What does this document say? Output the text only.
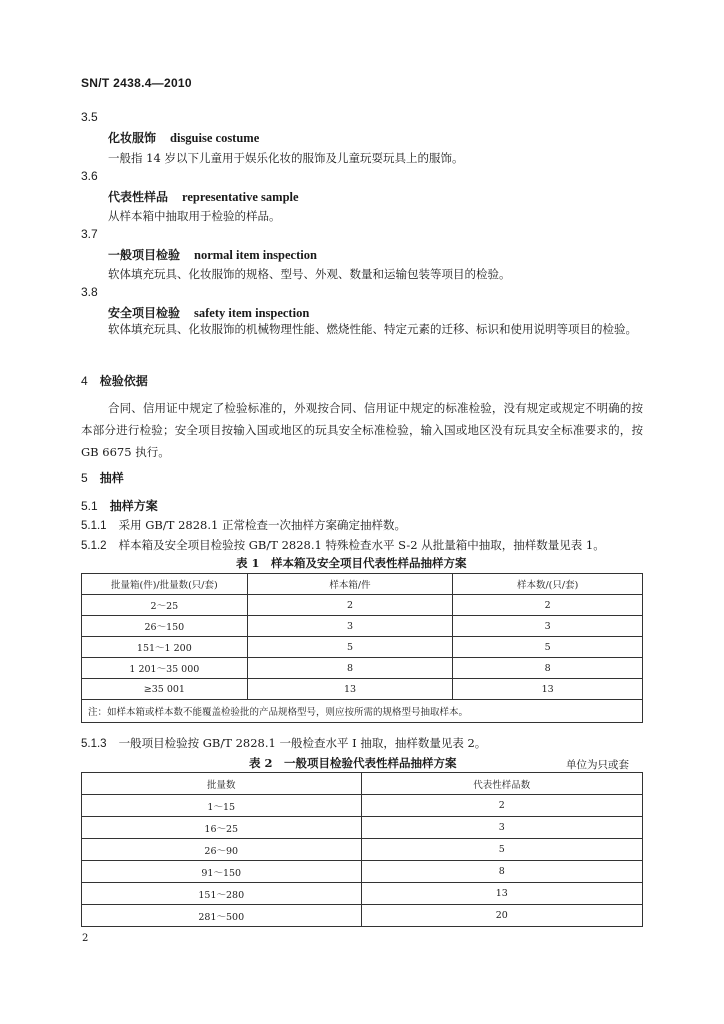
SN/T 2438.4—2010
3.5
化妆服饰 disguise costume
一般指 14 岁以下儿童用于娱乐化妆的服饰及儿童玩耍玩具上的服饰。
3.6
代表性样品 representative sample
从样本箱中抽取用于检验的样品。
3.7
一般项目检验 normal item inspection
软体填充玩具、化妆服饰的规格、型号、外观、数量和运输包装等项目的检验。
3.8
安全项目检验 safety item inspection
软体填充玩具、化妆服饰的机械物理性能、燃烧性能、特定元素的迁移、标识和使用说明等项目的检验。
4 检验依据
合同、信用证中规定了检验标准的，外观按合同、信用证中规定的标准检验，没有规定或规定不明确的按本部分进行检验；安全项目按输入国或地区的玩具安全标准检验，输入国或地区没有玩具安全标准要求的，按 GB 6675 执行。
5 抽样
5.1 抽样方案
5.1.1 采用 GB/T 2828.1 正常检查一次抽样方案确定抽样数。
5.1.2 样本箱及安全项目检验按 GB/T 2828.1 特殊检查水平 S-2 从批量箱中抽取，抽样数量见表 1。
表 1　样本箱及安全项目代表性样品抽样方案
批量箱(件)/批量数(只/套)	样本箱/件	样本数/(只/套)
2～25	2	2
26～150	3	3
151～1 200	5	5
1 201～35 000	8	8
≥35 001	13	13
注：如样本箱或样本数不能覆盖检验批的产品规格型号，则应按所需的规格型号抽取样本。		
5.1.3 一般项目检验按 GB/T 2828.1 一般检查水平 Ⅰ 抽取，抽样数量见表 2。
表 2　一般项目检验代表性样品抽样方案	单位为只或套
批量数	代表性样品数
1～15	2
16～25	3
26～90	5
91～150	8
151～280	13
281～500	20
2
